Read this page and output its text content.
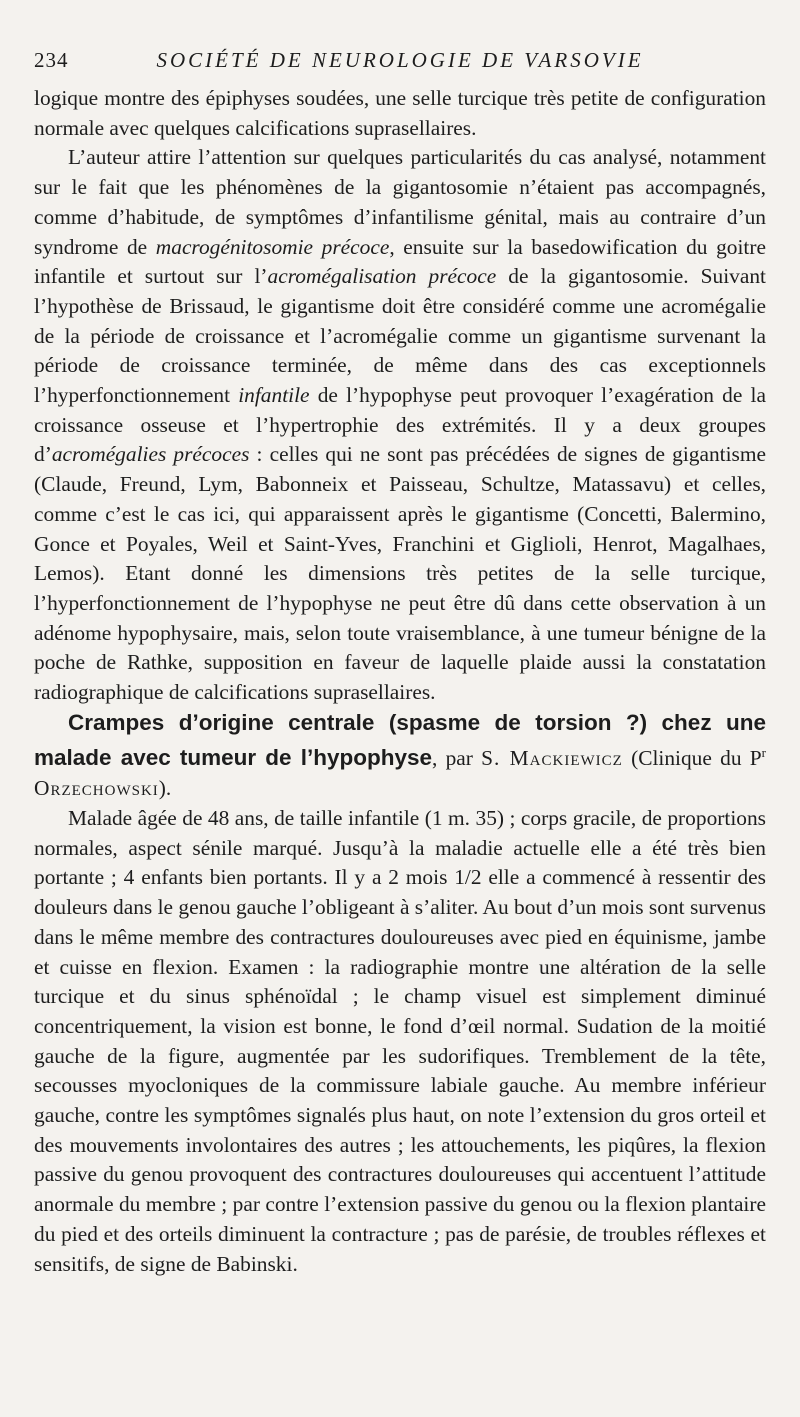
234	SOCIÉTÉ DE NEUROLOGIE DE VARSOVIE

logique montre des épiphyses soudées, une selle turcique très petite de configuration normale avec quelques calcifications suprasellaires.

L’auteur attire l’attention sur quelques particularités du cas analysé, notamment sur le fait que les phénomènes de la gigantosomie n’étaient pas accompagnés, comme d’habitude, de symptômes d’infantilisme génital, mais au contraire d’un syndrome de macrogénitosomie précoce, ensuite sur la basedowification du goitre infantile et surtout sur l’acromégalisation précoce de la gigantosomie. Suivant l’hypothèse de Brissaud, le gigantisme doit être considéré comme une acromégalie de la période de croissance et l’acromégalie comme un gigantisme survenant la période de croissance terminée, de même dans des cas exceptionnels l’hyperfonctionnement infantile de l’hypophyse peut provoquer l’exagération de la croissance osseuse et l’hypertrophie des extrémités. Il y a deux groupes d’acromégalies précoces : celles qui ne sont pas précédées de signes de gigantisme (Claude, Freund, Lym, Babonneix et Paisseau, Schultze, Matassavu) et celles, comme c’est le cas ici, qui apparaissent après le gigantisme (Concetti, Balermino, Gonce et Poyales, Weil et Saint-Yves, Franchini et Giglioli, Henrot, Magalhaes, Lemos). Etant donné les dimensions très petites de la selle turcique, l’hyperfonctionnement de l’hypophyse ne peut être dû dans cette observation à un adénome hypophysaire, mais, selon toute vraisemblance, à une tumeur bénigne de la poche de Rathke, supposition en faveur de laquelle plaide aussi la constatation radiographique de calcifications suprasellaires.

Crampes d’origine centrale (spasme de torsion ?) chez une malade avec tumeur de l’hypophyse, par S. Mackiewicz (Clinique du $P^r$ Orzechowski).

Malade âgée de 48 ans, de taille infantile (1 m. 35) ; corps gracile, de proportions normales, aspect sénile marqué. Jusqu’à la maladie actuelle elle a été très bien portante ; 4 enfants bien portants. Il y a 2 mois 1/2 elle a commencé à ressentir des douleurs dans le genou gauche l’obligeant à s’aliter. Au bout d’un mois sont survenus dans le même membre des contractures douloureuses avec pied en équinisme, jambe et cuisse en flexion. Examen : la radiographie montre une altération de la selle turcique et du sinus sphénoïdal ; le champ visuel est simplement diminué concentriquement, la vision est bonne, le fond d’œil normal. Sudation de la moitié gauche de la figure, augmentée par les sudorifiques. Tremblement de la tête, secousses myocloniques de la commissure labiale gauche. Au membre inférieur gauche, contre les symptômes signalés plus haut, on note l’extension du gros orteil et des mouvements involontaires des autres ; les attouchements, les piqûres, la flexion passive du genou provoquent des contractures douloureuses qui accentuent l’attitude anormale du membre ; par contre l’extension passive du genou ou la flexion plantaire du pied et des orteils diminuent la contracture ; pas de parésie, de troubles réflexes et sensitifs, de signe de Babinski.
